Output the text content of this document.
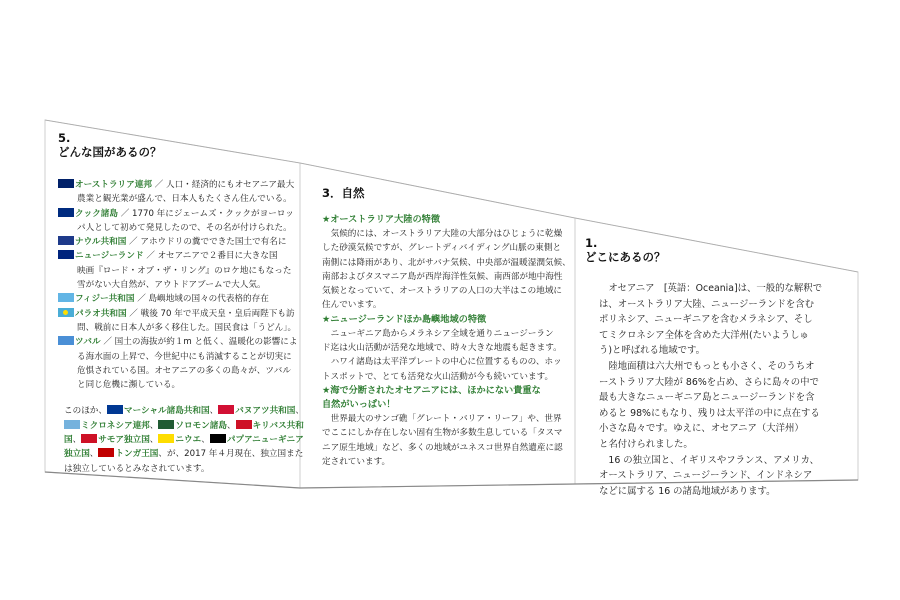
5.

どんな国があるの？

オーストラリア連邦 ／ 人口・経済的にもオセアニア最大
農業と観光業が盛んで、日本人もたくさん住んでいる。
クック諸島 ／ 1770 年にジェームズ・クックがヨーロッ
パ人として初めて発見したので、その名が付けられた。
ナウル共和国 ／ アホウドリの糞でできた国土で有名に
ニュージーランド ／ オセアニアで２番目に大きな国
映画『ロード・オブ・ザ・リング』のロケ地にもなった
雪がない大自然が、アウトドアブームで大人気。
フィジー共和国 ／ 島嶼地域の国々の代表格的存在
パラオ共和国 ／ 戦後 70 年で平成天皇・皇后両陛下も訪
問、戦前に日本人が多く移住した。国民食は「うどん」。
ツバル ／ 国土の海抜が約１m と低く、温暖化の影響によ
る海水面の上昇で、今世紀中にも消滅することが切実に
危惧されている国。オセアニアの多くの島々が、ツバル
と同じ危機に瀕している。
このほか、 マーシャル諸島共和国、 バヌアツ共和国、
ミクロネシア連邦、 ソロモン諸島、 キリバス共和
国、 サモア独立国、 ニウエ、 パプアニューギニア
独立国、 トンガ王国、が、2017 年４月現在、独立国また
は独立しているとみなされています。

3．自然

★オーストラリア大陸の特徴

気候的には、オーストラリア大陸の大部分はひじょうに乾燥

した砂漠気候ですが、グレートディバイディング山脈の東側と

南側には降雨があり、北がサバナ気候、中央部が温暖湿潤気候、

南部およびタスマニア島が西岸海洋性気候、南西部が地中海性

気候となっていて、オーストラリアの人口の大半はこの地域に

住んでいます。

★ニュージーランドほか島嶼地域の特徴

ニューギニア島からメラネシア全域を通りニュージーラン

ド迄は火山活動が活発な地域で、時々大きな地震も起きます。

ハワイ諸島は太平洋プレートの中心に位置するものの、ホッ

トスポットで、とても活発な火山活動が今も続いています。

★海で分断されたオセアニアには、ほかにない貴重な

自然がいっぱい！

世界最大のサンゴ礁「グレート・バリア・リーフ」や、世界

でここにしか存在しない固有生物が多数生息している「タスマ

ニア原生地域」など、多くの地域がユネスコ世界自然遺産に認

定されています。

1.

どこにあるの？

オセアニア　[英語：Oceania]は、一般的な解釈で

は、オーストラリア大陸、ニュージーランドを含む

ポリネシア、ニューギニアを含むメラネシア、そし

てミクロネシア全体を含めた大洋州(たいようしゅ

う)と呼ばれる地域です。

陸地面積は六大州でもっとも小さく、そのうちオ

ーストラリア大陸が 86%を占め、さらに島々の中で

最も大きなニューギニア島とニュージーランドを含

めると 98%にもなり、残りは太平洋の中に点在する

小さな島々です。ゆえに、オセアニア（大洋州）

と名付けられました。

16 の独立国と、イギリスやフランス、アメリカ、

オーストラリア、ニュージーランド、インドネシア

などに属する 16 の諸島地域があります。
